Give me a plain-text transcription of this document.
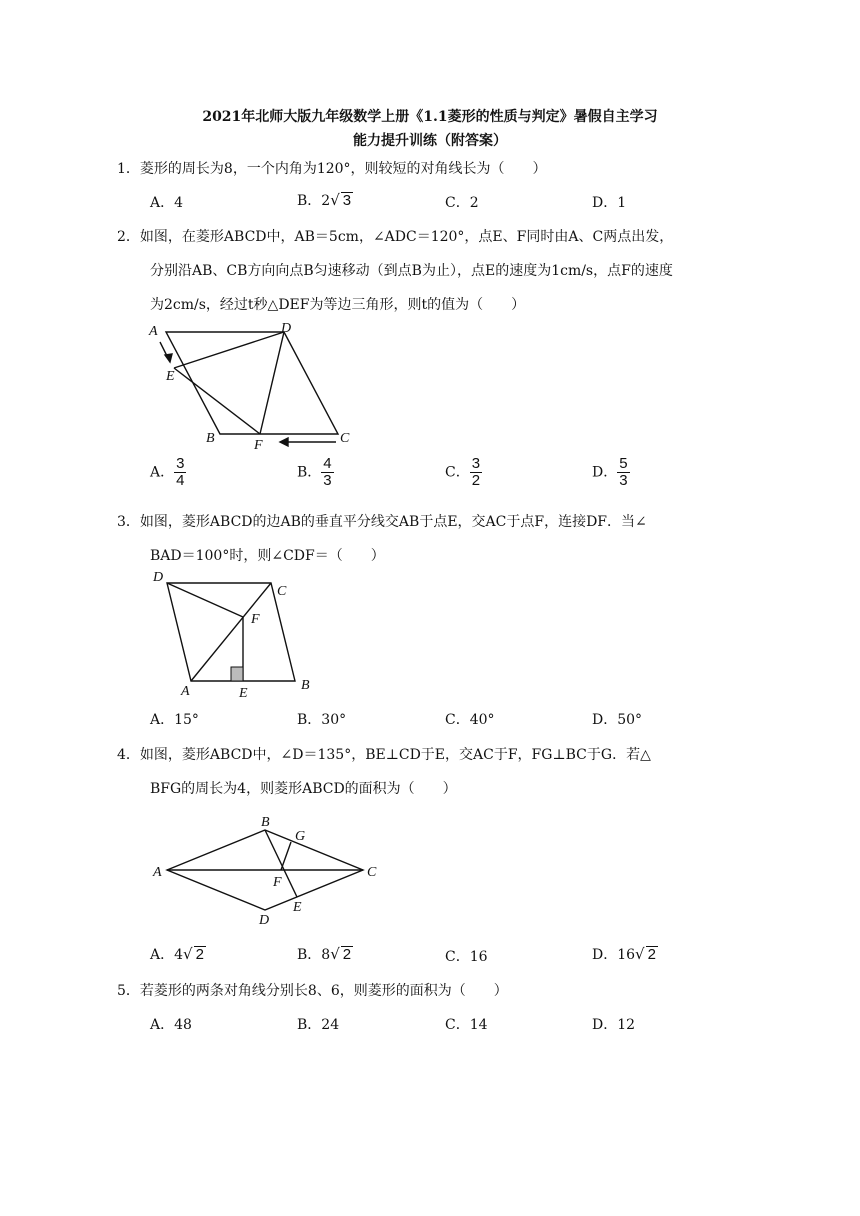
2021年北师大版九年级数学上册《1.1菱形的性质与判定》暑假自主学习
能力提升训练（附答案）
1．菱形的周长为8，一个内角为120°，则较短的对角线长为（　　）
A．4	B．2√ 3	C．2	D．1
2．如图，在菱形ABCD中，AB＝5cm，∠ADC＝120°，点E、F同时由A、C两点出发，
分别沿AB、CB方向向点B匀速移动（到点B为止），点E的速度为1cm/s，点F的速度
为2cm/s，经过t秒△DEF为等边三角形，则t的值为（　　）
A	D
E
B	F	C
A． $\frac{3}{4}$	B． $\frac{4}{3}$	C． $\frac{3}{2}$	D． $\frac{5}{3}$
3．如图，菱形ABCD的边AB的垂直平分线交AB于点E，交AC于点F，连接DF．当∠
BAD＝100°时，则∠CDF＝（　　）
D
C
F
A	E
B
A．15°	B．30°	C．40°	D．50°
4．如图，菱形ABCD中，∠D＝135°，BE⊥CD于E，交AC于F，FG⊥BC于G．若△
BFG的周长为4，则菱形ABCD的面积为（　　）
A
B
G
C
F
E
D
A．4√ 2	B．8√ 2	C．16	D．16√ 2
5．若菱形的两条对角线分别长8、6，则菱形的面积为（　　）
A．48	B．24	C．14	D．12
